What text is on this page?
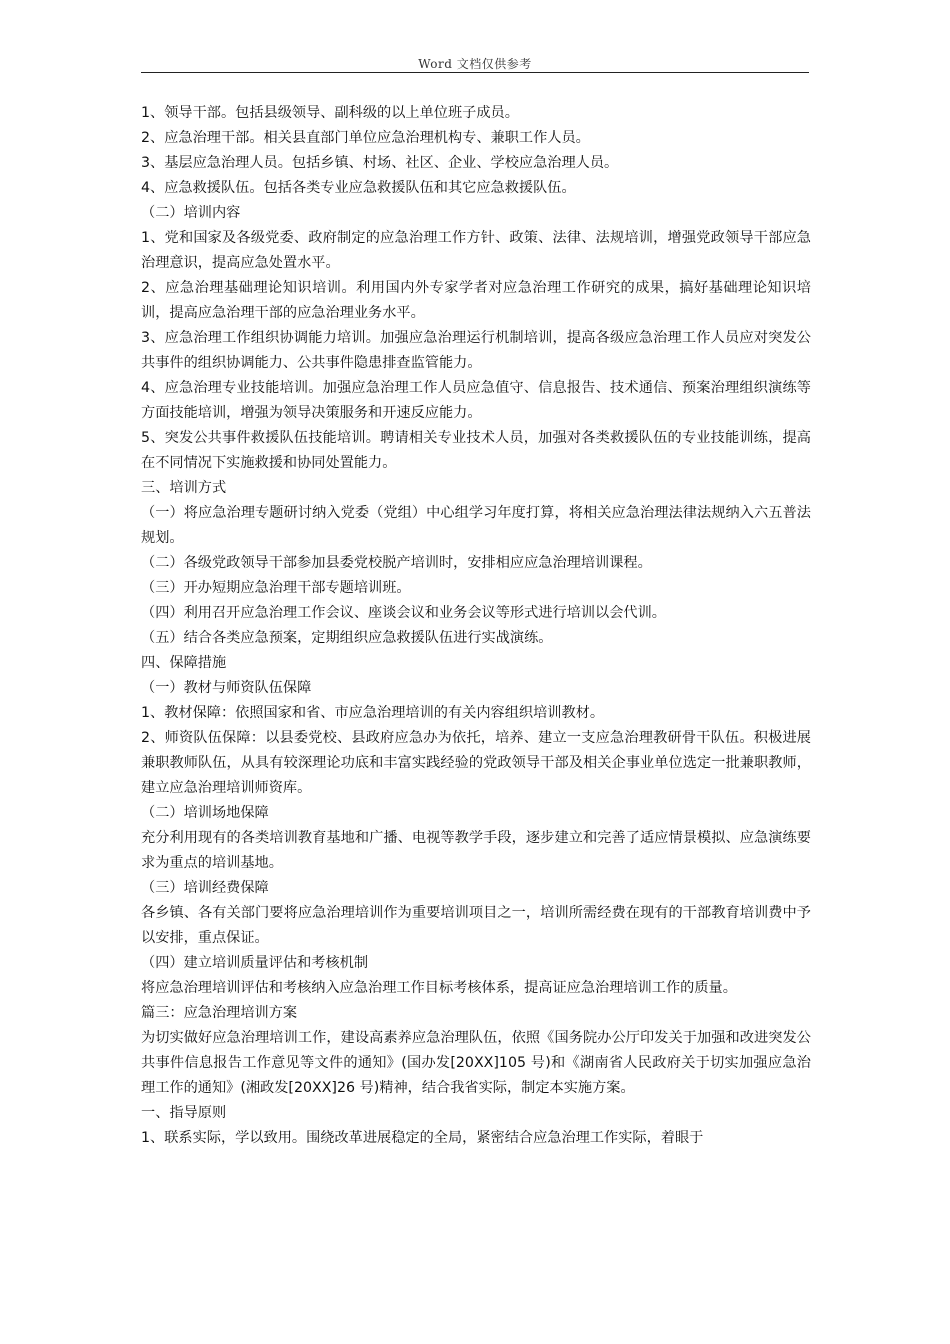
Word 文档仅供参考

1、领导干部。包括县级领导、副科级的以上单位班子成员。

2、应急治理干部。相关县直部门单位应急治理机构专、兼职工作人员。

3、基层应急治理人员。包括乡镇、村场、社区、企业、学校应急治理人员。

4、应急救援队伍。包括各类专业应急救援队伍和其它应急救援队伍。

（二）培训内容

1、党和国家及各级党委、政府制定的应急治理工作方针、政策、法律、法规培训，增强党政领导干部应急治理意识，提高应急处置水平。

2、应急治理基础理论知识培训。利用国内外专家学者对应急治理工作研究的成果，搞好基础理论知识培训，提高应急治理干部的应急治理业务水平。

3、应急治理工作组织协调能力培训。加强应急治理运行机制培训，提高各级应急治理工作人员应对突发公共事件的组织协调能力、公共事件隐患排查监管能力。

4、应急治理专业技能培训。加强应急治理工作人员应急值守、信息报告、技术通信、预案治理组织演练等方面技能培训，增强为领导决策服务和开速反应能力。

5、突发公共事件救援队伍技能培训。聘请相关专业技术人员，加强对各类救援队伍的专业技能训练，提高在不同情况下实施救援和协同处置能力。

三、培训方式

（一）将应急治理专题研讨纳入党委（党组）中心组学习年度打算，将相关应急治理法律法规纳入六五普法规划。

（二）各级党政领导干部参加县委党校脱产培训时，安排相应应急治理培训课程。

（三）开办短期应急治理干部专题培训班。

（四）利用召开应急治理工作会议、座谈会议和业务会议等形式进行培训以会代训。

（五）结合各类应急预案，定期组织应急救援队伍进行实战演练。

四、保障措施

（一）教材与师资队伍保障

1、教材保障：依照国家和省、市应急治理培训的有关内容组织培训教材。

2、师资队伍保障：以县委党校、县政府应急办为依托，培养、建立一支应急治理教研骨干队伍。积极进展兼职教师队伍，从具有较深理论功底和丰富实践经验的党政领导干部及相关企事业单位选定一批兼职教师，建立应急治理培训师资库。

（二）培训场地保障

充分利用现有的各类培训教育基地和广播、电视等教学手段，逐步建立和完善了适应情景模拟、应急演练要求为重点的培训基地。

（三）培训经费保障

各乡镇、各有关部门要将应急治理培训作为重要培训项目之一，培训所需经费在现有的干部教育培训费中予以安排，重点保证。

（四）建立培训质量评估和考核机制

将应急治理培训评估和考核纳入应急治理工作目标考核体系，提高证应急治理培训工作的质量。

篇三：应急治理培训方案

为切实做好应急治理培训工作，建设高素养应急治理队伍，依照《国务院办公厅印发关于加强和改进突发公共事件信息报告工作意见等文件的通知》(国办发[20XX]105 号)和《湖南省人民政府关于切实加强应急治理工作的通知》(湘政发[20XX]26 号)精神，结合我省实际，制定本实施方案。

一、指导原则

1、联系实际，学以致用。围绕改革进展稳定的全局，紧密结合应急治理工作实际，着眼于
